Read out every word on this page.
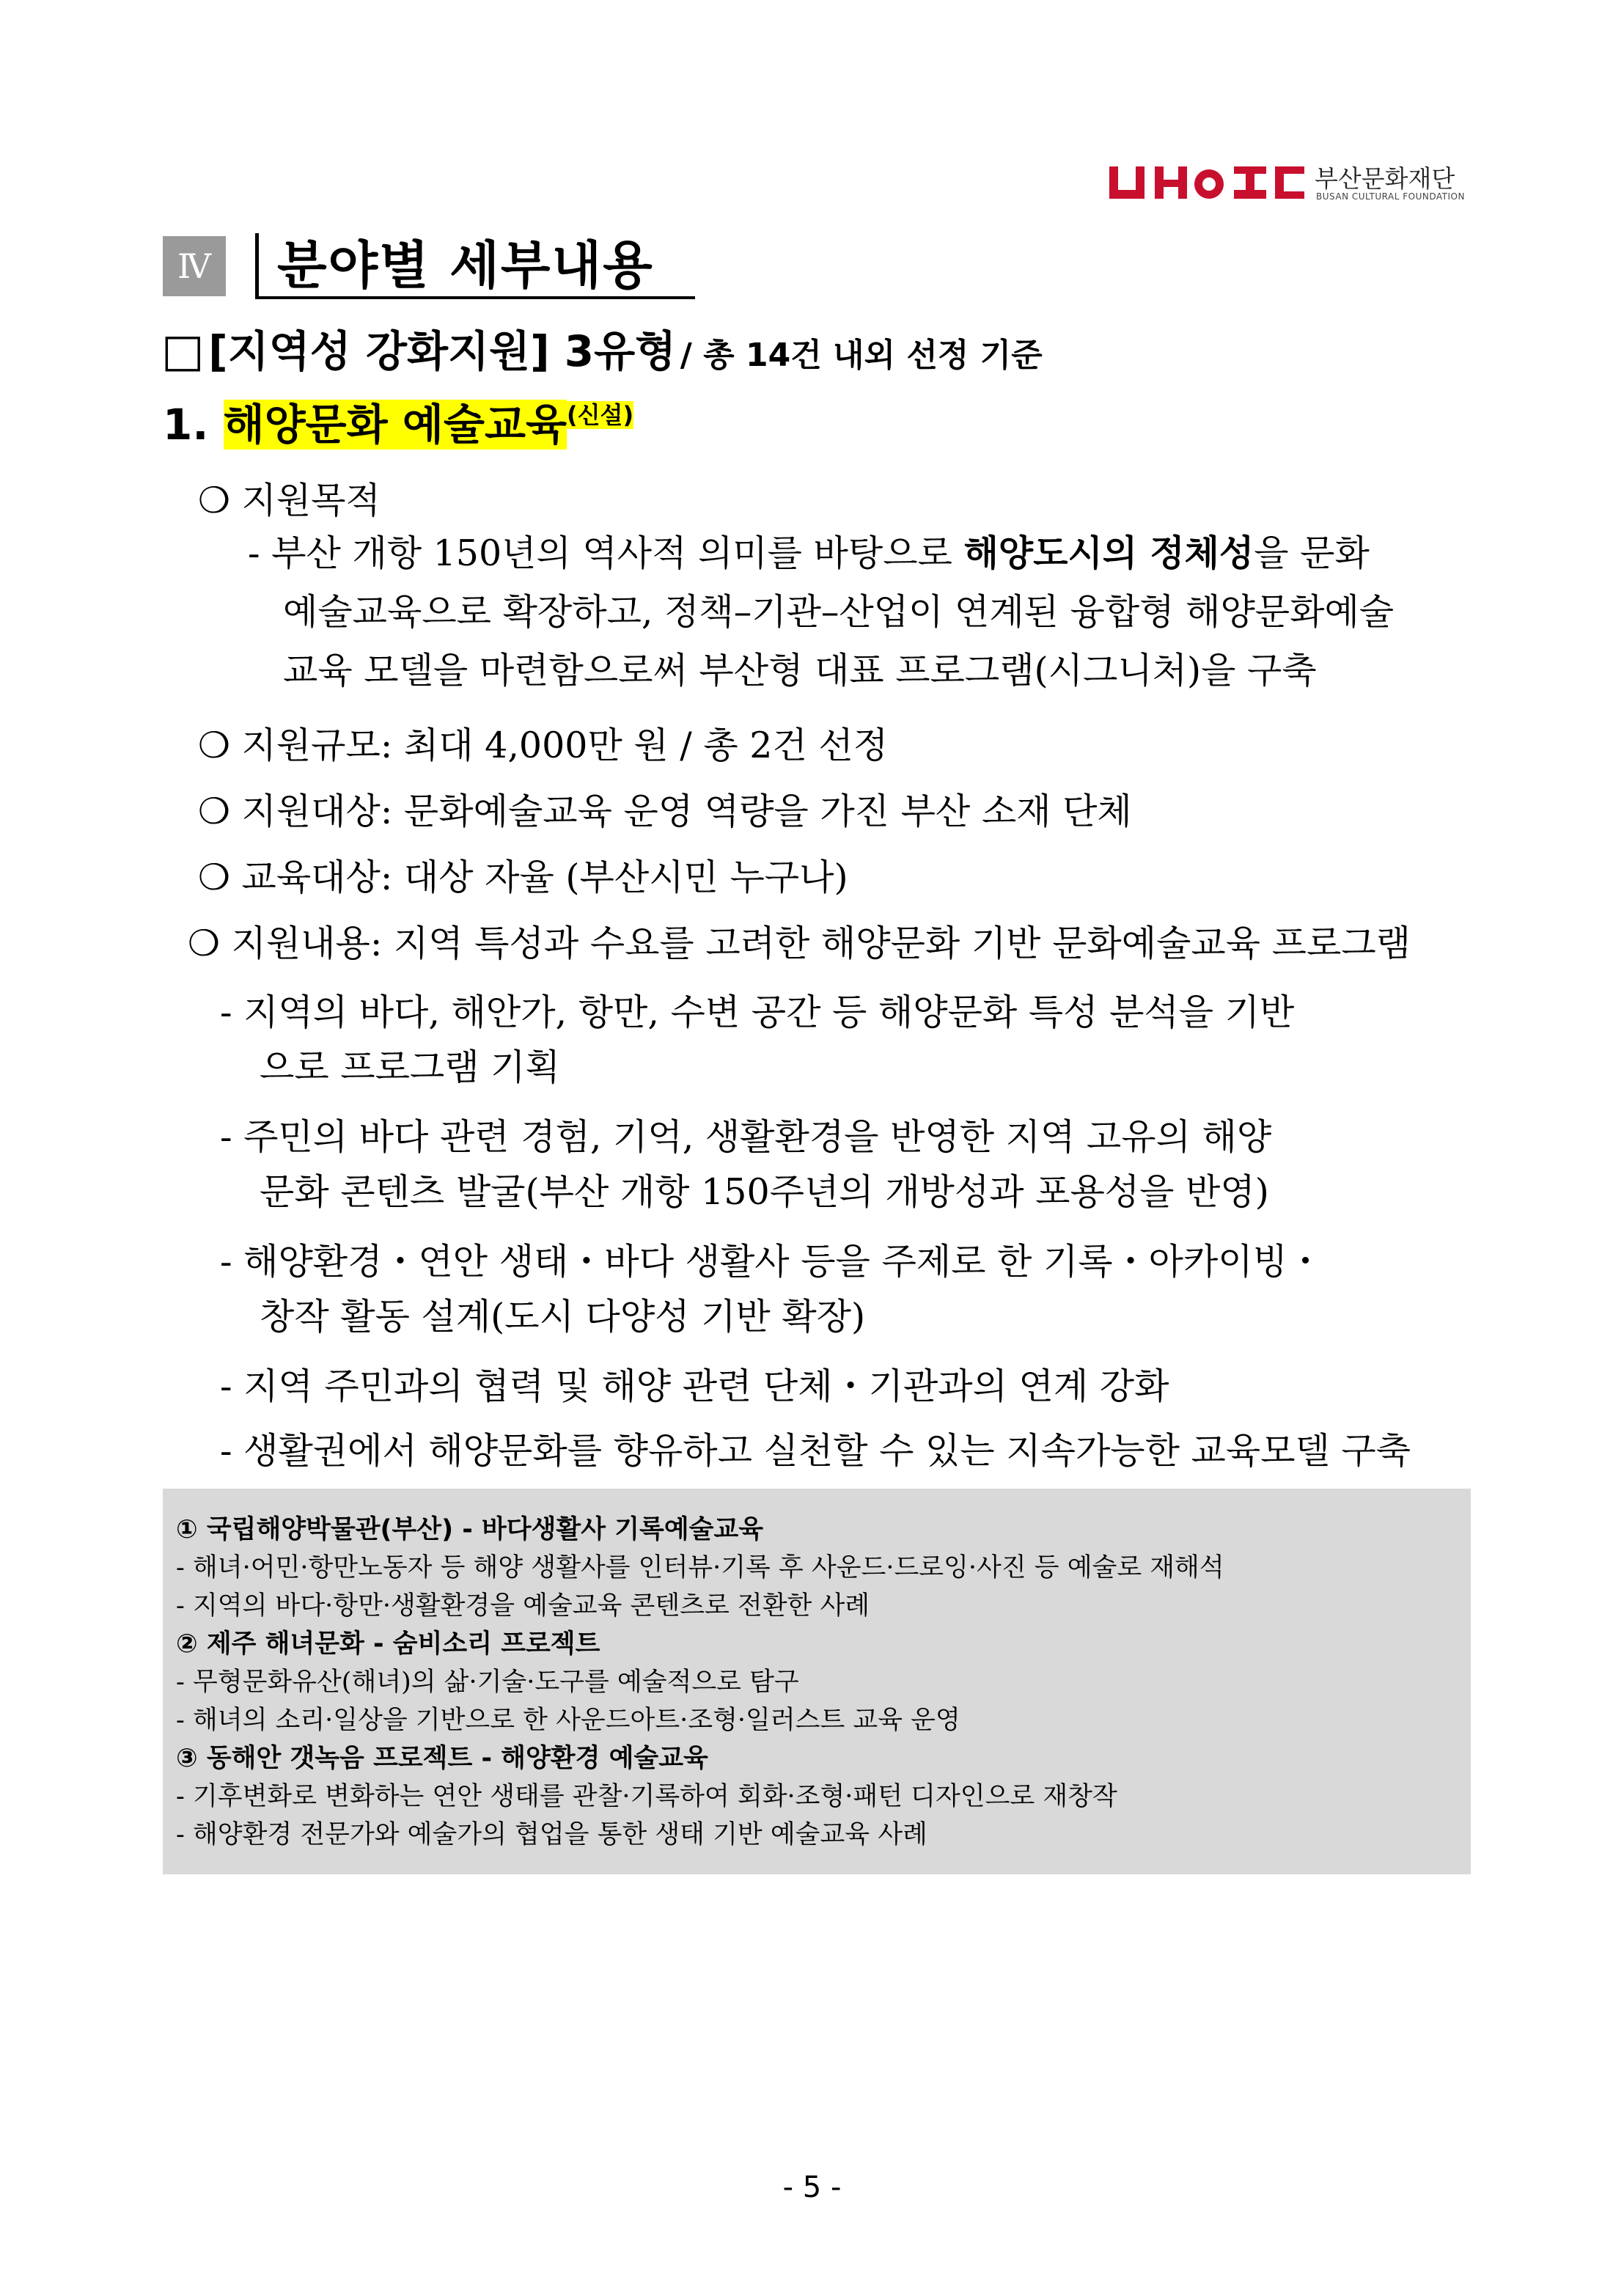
부산문화재단
BUSAN CULTURAL FOUNDATION
Ⅳ 분야별 세부내용
□ [지역성 강화지원] 3유형 / 총 14건 내외 선정 기준
1. 해양문화 예술교육$^{(신설)}$
❍ 지원목적
- 부산 개항 150년의 역사적 의미를 바탕으로 해양도시의 정체성을 문화
예술교육으로 확장하고, 정책–기관–산업이 연계된 융합형 해양문화예술
교육 모델을 마련함으로써 부산형 대표 프로그램(시그니처)을 구축
❍ 지원규모: 최대 4,000만 원 / 총 2건 선정
❍ 지원대상: 문화예술교육 운영 역량을 가진 부산 소재 단체
❍ 교육대상: 대상 자율 (부산시민 누구나)
❍ 지원내용: 지역 특성과 수요를 고려한 해양문화 기반 문화예술교육 프로그램
- 지역의 바다, 해안가, 항만, 수변 공간 등 해양문화 특성 분석을 기반
으로 프로그램 기획
- 주민의 바다 관련 경험, 기억, 생활환경을 반영한 지역 고유의 해양
문화 콘텐츠 발굴(부산 개항 150주년의 개방성과 포용성을 반영)
- 해양환경・연안 생태・바다 생활사 등을 주제로 한 기록・아카이빙・
창작 활동 설계(도시 다양성 기반 확장)
- 지역 주민과의 협력 및 해양 관련 단체・기관과의 연계 강화
- 생활권에서 해양문화를 향유하고 실천할 수 있는 지속가능한 교육모델 구축
① 국립해양박물관(부산) - 바다생활사 기록예술교육
- 해녀·어민·항만노동자 등 해양 생활사를 인터뷰·기록 후 사운드·드로잉·사진 등 예술로 재해석
- 지역의 바다·항만·생활환경을 예술교육 콘텐츠로 전환한 사례
② 제주 해녀문화 - 숨비소리 프로젝트
- 무형문화유산(해녀)의 삶·기술·도구를 예술적으로 탐구
- 해녀의 소리·일상을 기반으로 한 사운드아트·조형·일러스트 교육 운영
③ 동해안 갯녹음 프로젝트 - 해양환경 예술교육
- 기후변화로 변화하는 연안 생태를 관찰·기록하여 회화·조형·패턴 디자인으로 재창작
- 해양환경 전문가와 예술가의 협업을 통한 생태 기반 예술교육 사례
- 5 -
